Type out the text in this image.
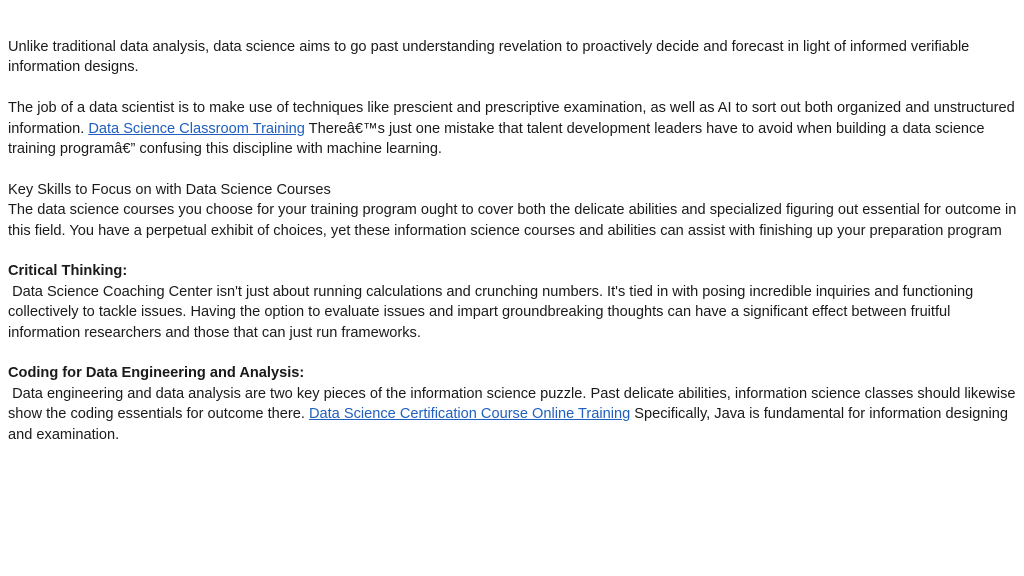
Unlike traditional data analysis, data science aims to go past understanding revelation to proactively decide and forecast in light of informed verifiable information designs.

The job of a data scientist is to make use of techniques like prescient and prescriptive examination, as well as AI to sort out both organized and unstructured information. Data Science Classroom Training Thereâ€™s just one mistake that talent development leaders have to avoid when building a data science training programâ€” confusing this discipline with machine learning.

Key Skills to Focus on with Data Science Courses

The data science courses you choose for your training program ought to cover both the delicate abilities and specialized figuring out essential for outcome in this field. You have a perpetual exhibit of choices, yet these information science courses and abilities can assist with finishing up your preparation program

Critical Thinking:

Data Science Coaching Center isn't just about running calculations and crunching numbers. It's tied in with posing incredible inquiries and functioning collectively to tackle issues. Having the option to evaluate issues and impart groundbreaking thoughts can have a significant effect between fruitful information researchers and those that can just run frameworks.

Coding for Data Engineering and Analysis:

Data engineering and data analysis are two key pieces of the information science puzzle. Past delicate abilities, information science classes should likewise show the coding essentials for outcome there. Data Science Certification Course Online Training Specifically, Java is fundamental for information designing and examination.
